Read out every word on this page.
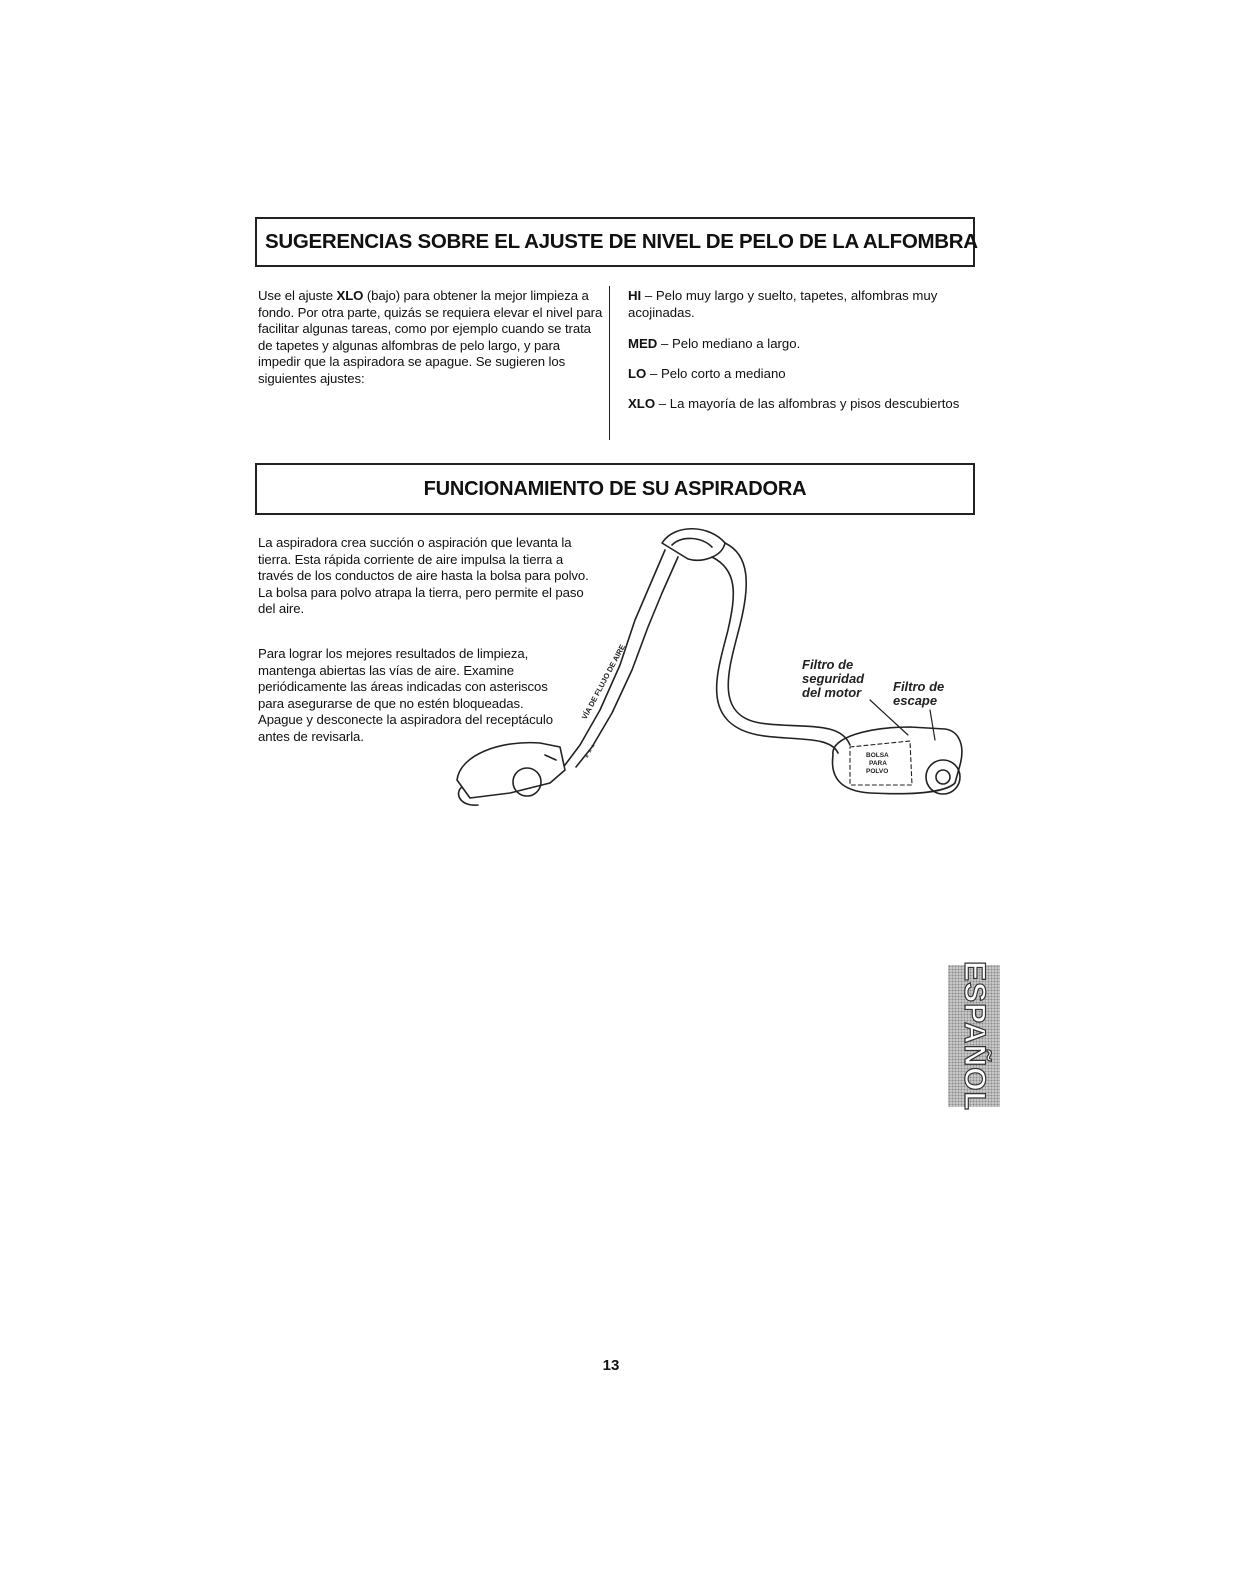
SUGERENCIAS SOBRE EL AJUSTE DE NIVEL DE PELO DE LA ALFOMBRA

Use el ajuste XLO (bajo) para obtener la mejor limpieza a fondo. Por otra parte, quizás se requiera elevar el nivel para facilitar algunas tareas, como por ejemplo cuando se trata de tapetes y algunas alfombras de pelo largo, y para impedir que la aspiradora se apague. Se sugieren los siguientes ajustes:

HI – Pelo muy largo y suelto, tapetes, alfombras muy acojinadas.

MED – Pelo mediano a largo.

LO – Pelo corto a mediano

XLO – La mayoría de las alfombras y pisos descubiertos

FUNCIONAMIENTO DE SU ASPIRADORA

La aspiradora crea succión o aspiración que levanta la tierra. Esta rápida corriente de aire impulsa la tierra a través de los conductos de aire hasta la bolsa para polvo. La bolsa para polvo atrapa la tierra, pero permite el paso del aire.

Para lograr los mejores resultados de limpieza, mantenga abiertas las vías de aire. Examine periódicamente las áreas indicadas con asteriscos para asegurarse de que no estén bloqueadas. Apague y desconecte la aspiradora del receptáculo antes de revisarla.

VÍA DE FLUJO DE AIRE
* * *	BOLSA
PARA
POLVO
Filtro de seguridad del motor	Filtro de escape
ESPAÑOL
13
